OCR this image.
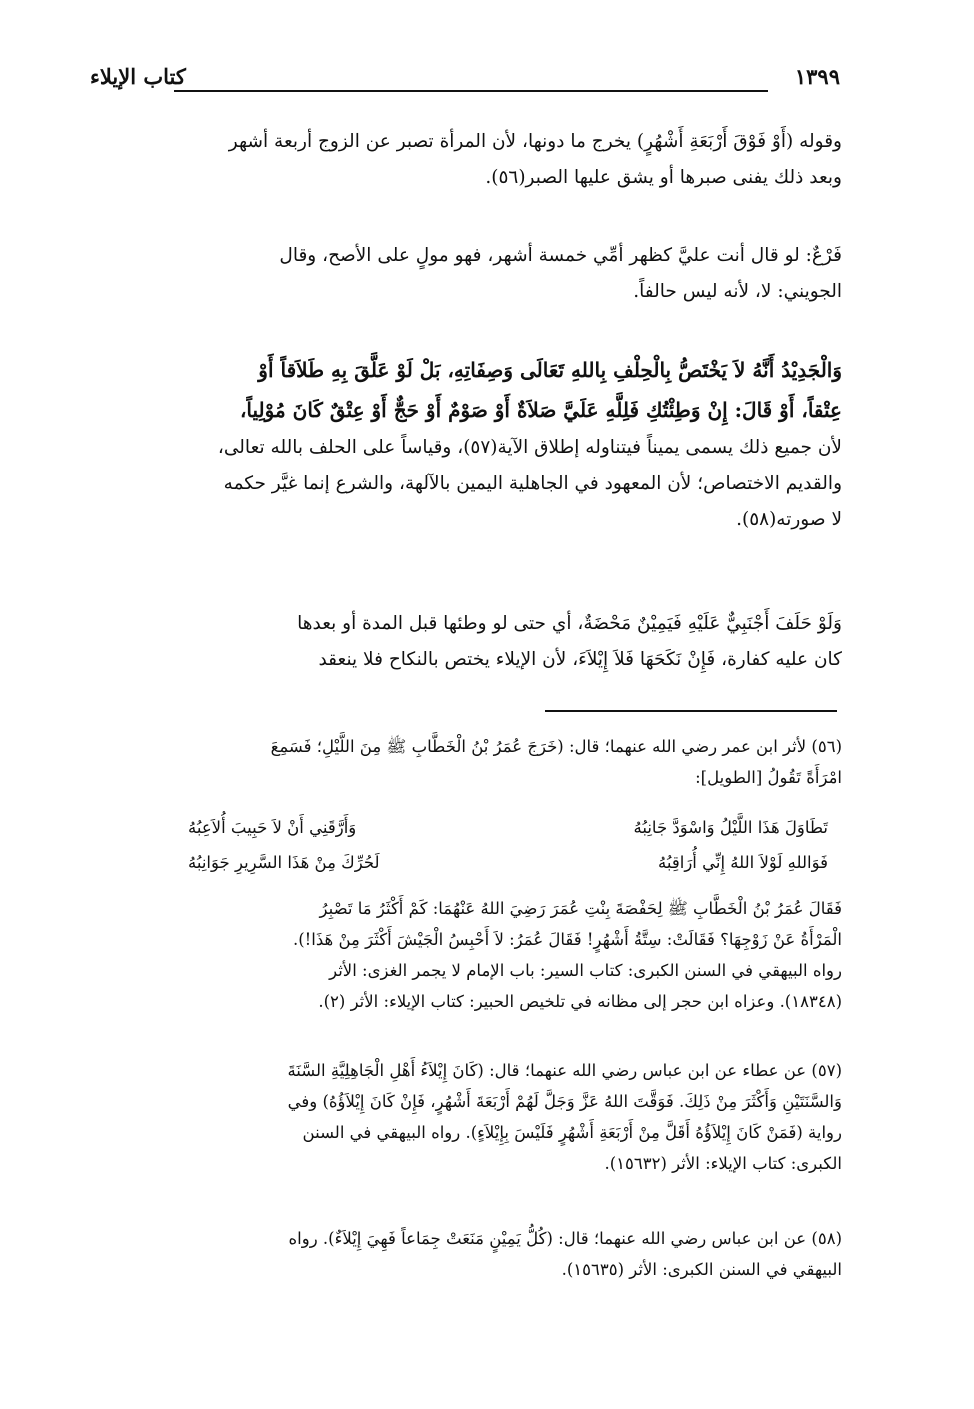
كتاب الإيلاء	١٣٩٩
وقوله (أَوْ فَوْقَ أَرْبَعَةِ أَشْهُرٍ) يخرج ما دونها، لأن المرأة تصبر عن الزوج أربعة أشهر
وبعد ذلك يفنى صبرها أو يشق عليها الصبر(٥٦).
فَرْعٌ: لو قال أنت عليَّ كظهر أمِّي خمسة أشهر، فهو مولٍ على الأصح، وقال
الجويني: لا، لأنه ليس حالفاً.
وَالْجَدِيْدُ أَنَّهُ لاَ يَخْتَصُّ بِالْحِلْفِ بِاللهِ تَعَالَى وَصِفَاتِهِ، بَلْ لَوْ عَلَّقَ بِهِ طَلاَقاً أَوْ
عِتْقاً، أَوْ قَالَ: إِنْ وَطِئْتُكِ فَلِلَّهِ عَلَيَّ صَلاَةٌ أَوْ صَوْمٌ أَوْ حَجٌّ أَوْ عِتْقٌ كَانَ مُوْلِياً،
لأن جميع ذلك يسمى يميناً فيتناوله إطلاق الآية(٥٧)، وقياساً على الحلف بالله تعالى،
والقديم الاختصاص؛ لأن المعهود في الجاهلية اليمين بالآلهة، والشرع إنما غيَّر حكمه
لا صورته(٥٨).
وَلَوْ حَلَفَ أَجْنَبِيٌّ عَلَيْهِ فَيَمِيْنٌ مَحْضَةٌ، أي حتى لو وطئها قبل المدة أو بعدها
كان عليه كفارة، فَإِنْ نَكَحَهَا فَلاَ إِيْلاَءَ، لأن الإيلاء يختص بالنكاح فلا ينعقد
(٥٦) لأثر ابن عمر رضي الله عنهما؛ قال: (خَرَجَ عُمَرُ بْنُ الْخَطَّابِ ﷺ مِنَ اللَّيْلِ؛ فَسَمِعَ
امْرَأَةً تَقُولُ [الطويل]:
تَطَاوَلَ هَذَا اللَّيْلُ وَاسْوَدَّ جَانِبُهُ
وَأَرَّقَنِي أَنْ لاَ حَبِيبَ أُلاَعِبُهُ
فَوَاللهِ لَوْلاَ اللهُ إِنِّي أُرَاقِبُهُ
لَحُرِّكَ مِنْ هَذَا السَّرِيرِ جَوَانِبُهُ
فَقَالَ عُمَرُ بْنُ الْخَطَّابِ ﷺ لِحَفْصَةَ بِنْتِ عُمَرَ رَضِيَ اللهُ عَنْهُمَا: كَمْ أَكْثَرُ مَا تَصْبِرُ
الْمَرْأَةُ عَنْ زَوْجِهَا؟ فَقَالَتْ: سِتَّةُ أَشْهُرٍ! فَقَالَ عُمَرُ: لاَ أَحْبِسُ الْجَيْشَ أَكْثَرَ مِنْ هَذَا!).
رواه البيهقي في السنن الكبرى: كتاب السير: باب الإمام لا يجمر الغزى: الأثر
(١٨٣٤٨). وعزاه ابن حجر إلى مظانه في تلخيص الحبير: كتاب الإيلاء: الأثر (٢).
(٥٧) عن عطاء عن ابن عباس رضي الله عنهما؛ قال: (كَانَ إِيْلاَءُ أَهْلِ الْجَاهِلِيَّةِ السَّنَةَ
وَالسَّنَتَيْنِ وَأَكْثَرَ مِنْ ذَلِكَ. فَوَقَّتَ اللهُ عَزَّ وَجَلَّ لَهُمْ أَرْبَعَةَ أَشْهُرٍ، فَإِنْ كَانَ إِيْلاَؤُهُ) وفي
رواية (فَمَنْ كَانَ إِيْلاَؤُهُ أَقَلَّ مِنْ أَرْبَعَةِ أَشْهُرٍ فَلَيْسَ بِإِيْلاَءٍ). رواه البيهقي في السنن
الكبرى: كتاب الإيلاء: الأثر (١٥٦٣٢).
(٥٨) عن ابن عباس رضي الله عنهما؛ قال: (كُلُّ يَمِيْنٍ مَنَعَتْ جِمَاعاً فَهِيَ إِيْلاَءٌ). رواه
البيهقي في السنن الكبرى: الأثر (١٥٦٣٥).
